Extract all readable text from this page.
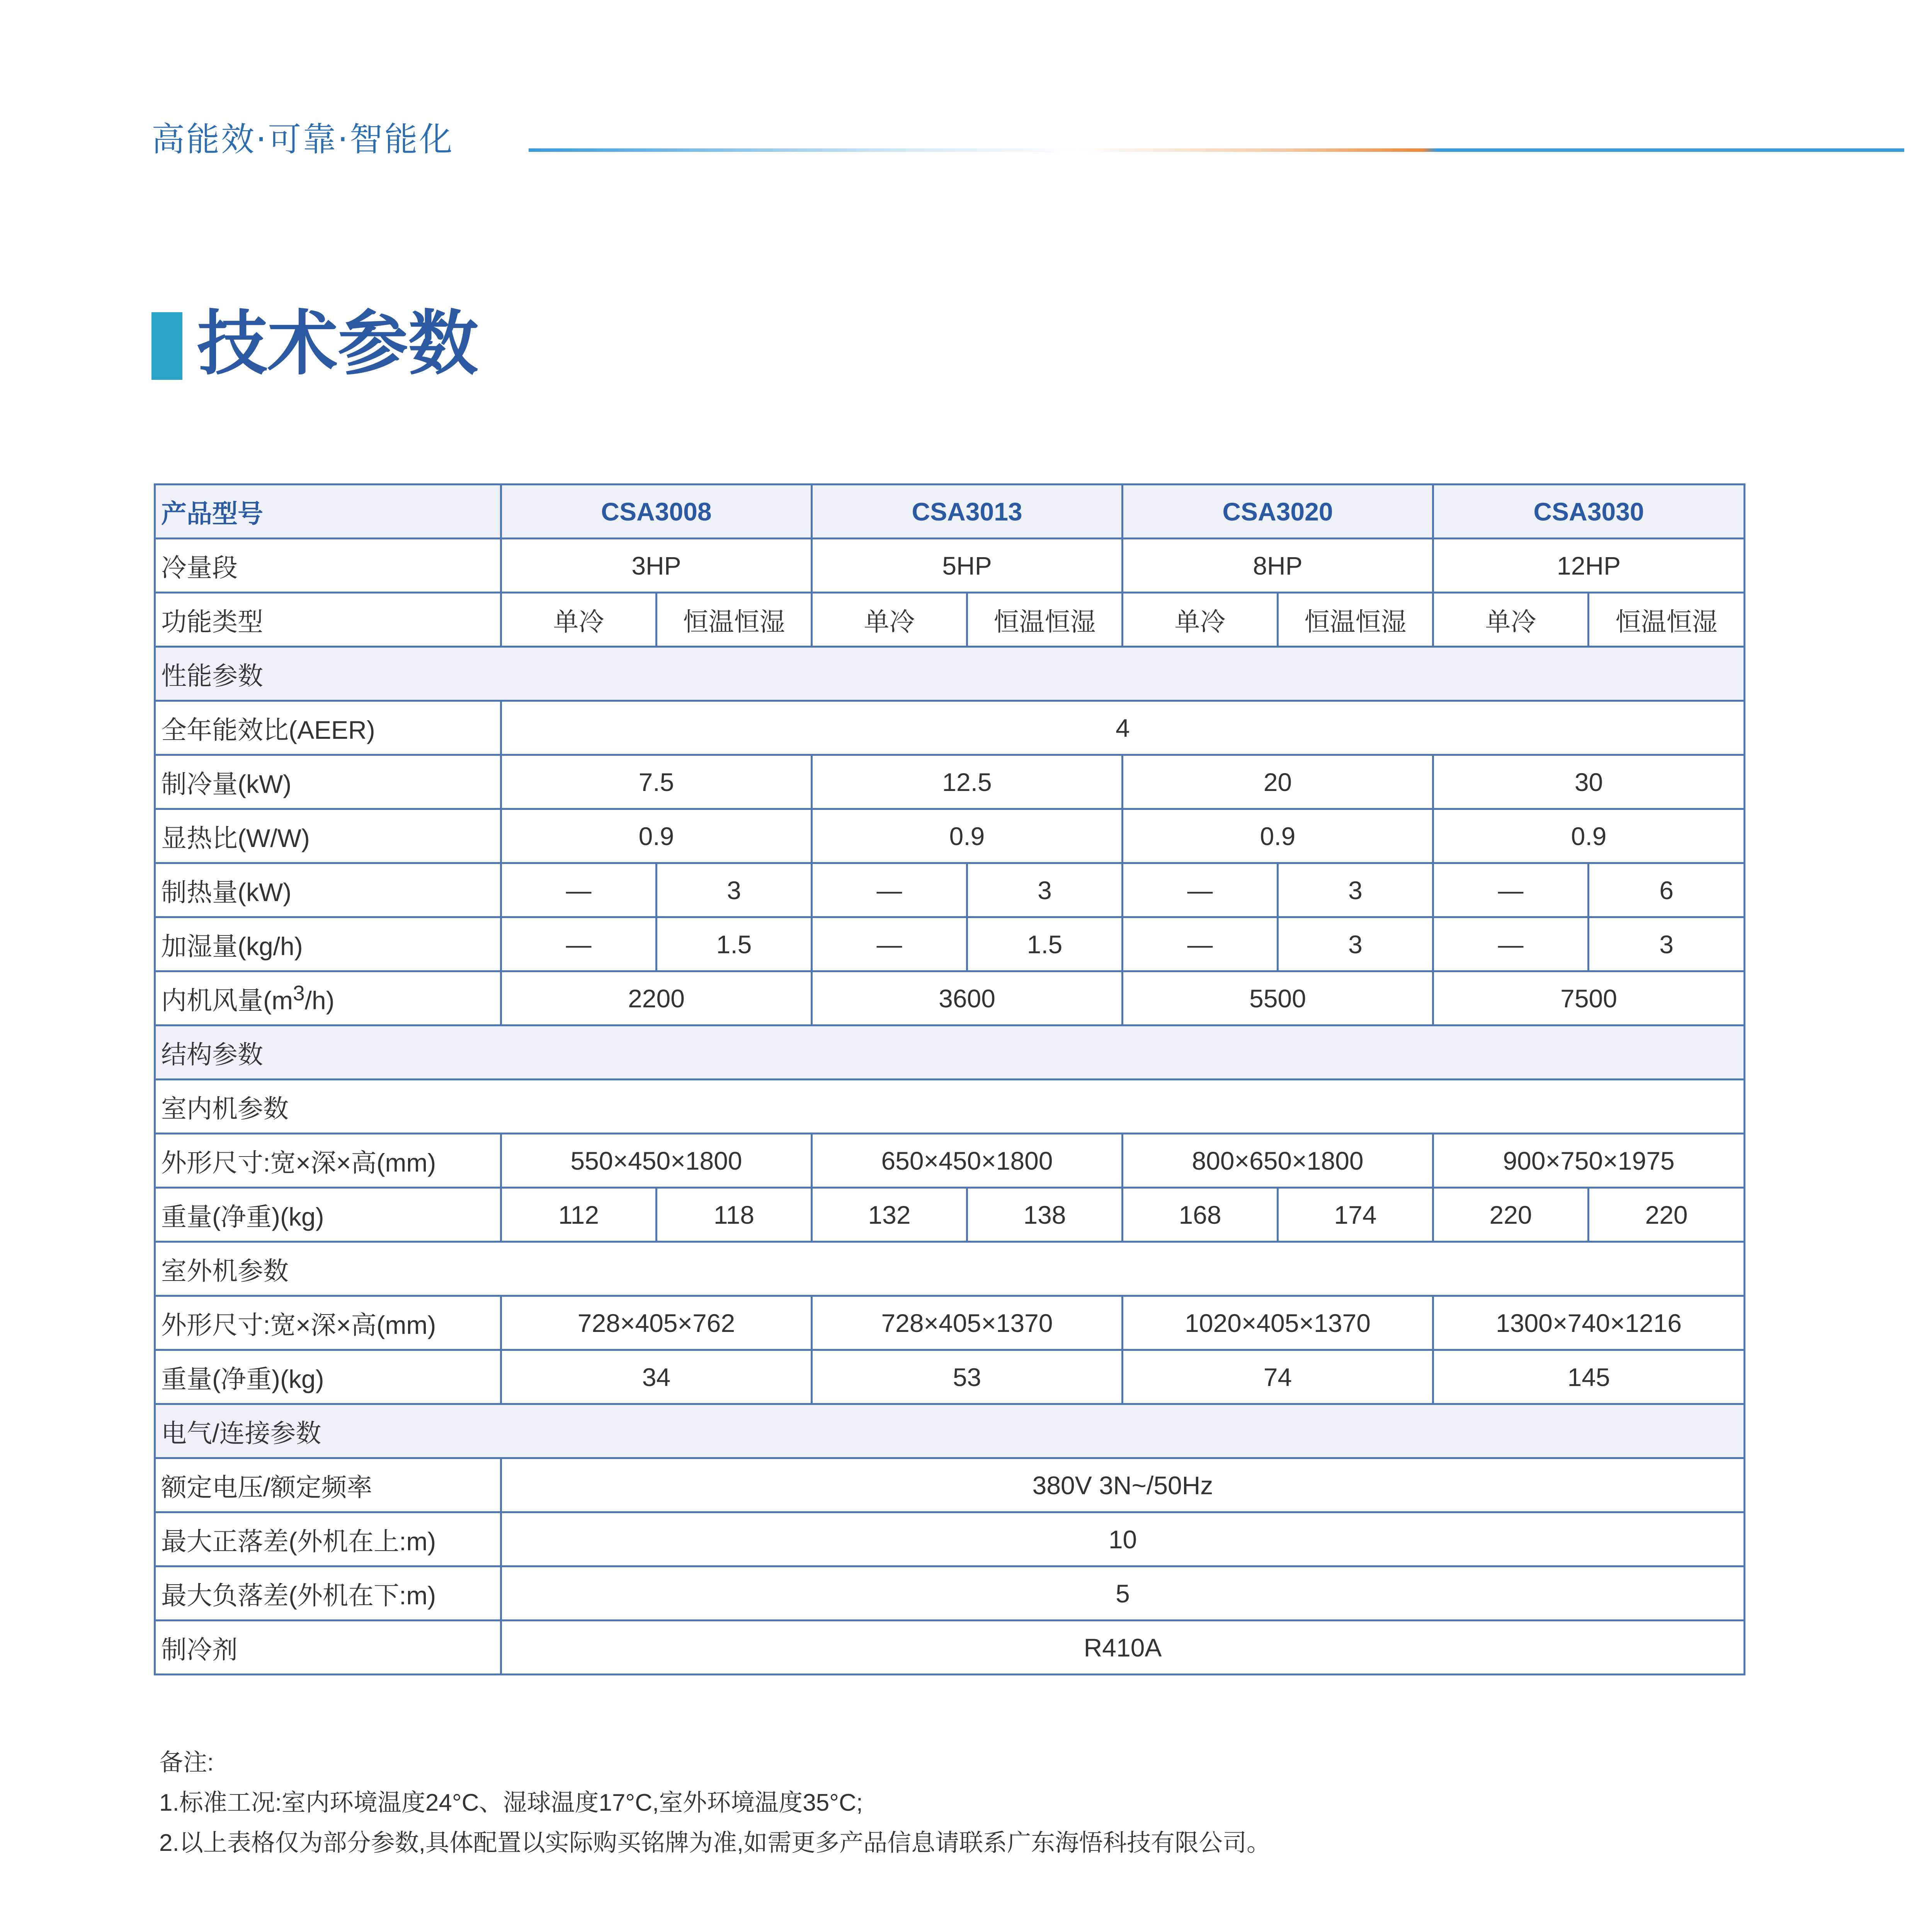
高能效·可靠·智能化
技术参数
产品型号	CSA3008		CSA3013		CSA3020		CSA3030	
冷量段	3HP		5HP		8HP		12HP	
功能类型	单冷	恒温恒湿	单冷	恒温恒湿	单冷	恒温恒湿	单冷	恒温恒湿
性能参数								
全年能效比(AEER)	4							
制冷量(kW)	7.5		12.5		20		30	
显热比(W/W)	0.9		0.9		0.9		0.9	
制热量(kW)	—	3	—	3	—	3	—	6
加湿量(kg/h)	—	1.5	—	1.5	—	3	—	3
内机风量$(m^3/h)$	2200		3600		5500		7500	
结构参数								
室内机参数								
外形尺寸:宽×深×高(mm)	550×450×1800		650×450×1800		800×650×1800		900×750×1975	
重量(净重)(kg)	112	118	132	138	168	174	220	220
室外机参数								
外形尺寸:宽×深×高(mm)	728×405×762		728×405×1370		1020×405×1370		1300×740×1216	
重量(净重)(kg)	34		53		74		145	
电气/连接参数								
额定电压/额定频率	380V 3N~/50Hz							
最大正落差(外机在上:m)	10							
最大负落差(外机在下:m)	5							
制冷剂	R410A							
备注:
1.标准工况:室内环境温度24°C、湿球温度17°C,室外环境温度35°C;
2.以上表格仅为部分参数,具体配置以实际购买铭牌为准,如需更多产品信息请联系广东海悟科技有限公司。
